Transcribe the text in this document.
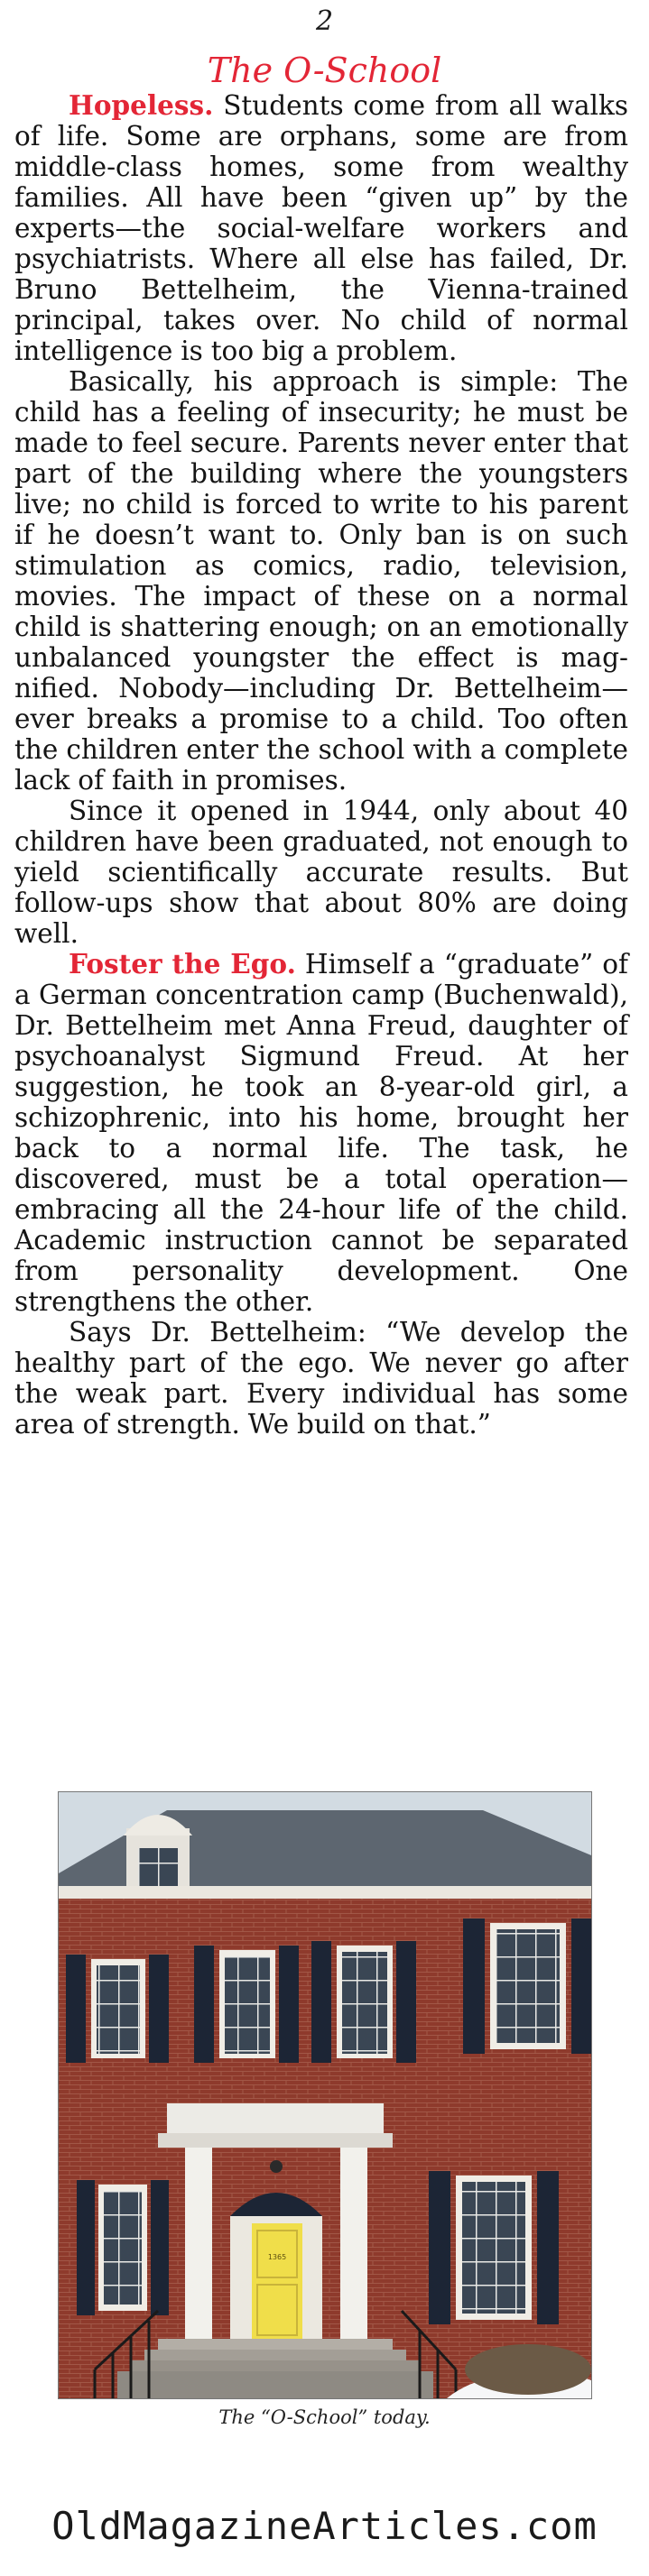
2
The O-School

Hopeless. Students come from all walks of life. Some are orphans, some are from middle-class homes, some from wealthy families. All have been “given up” by the experts—the social-welfare workers and psychiatrists. Where all else has failed, Dr. Bruno Bettelheim, the Vienna-trained principal, takes over. No child of normal intelligence is too big a problem.

Basically, his approach is simple: The child has a feeling of insecurity; he must be made to feel secure. Parents never enter that part of the building where the youngsters live; no child is forced to write to his parent if he doesn’t want to. Only ban is on such stimulation as comics, radio, television, movies. The impact of these on a normal child is shattering enough; on an emotionally unbalanced youngster the effect is magnified. Nobody—including Dr. Bettelheim—ever breaks a promise to a child. Too often the children enter the school with a complete lack of faith in promises.

Since it opened in 1944, only about 40 children have been graduated, not enough to yield scientifically accurate results. But follow-ups show that about 80% are doing well.

Foster the Ego. Himself a “graduate” of a German concentration camp (Buchenwald), Dr. Bettelheim met Anna Freud, daughter of psychoanalyst Sigmund Freud. At her suggestion, he took an 8-year-old girl, a schizophrenic, into his home, brought her back to a normal life. The task, he discovered, must be a total operation—embracing all the 24-hour life of the child. Academic instruction cannot be separated from personality development. One strengthens the other.

Says Dr. Bettelheim: “We develop the healthy part of the ego. We never go after the weak part. Every individual has some area of strength. We build on that.”

1365
The “O-School” today.
OldMagazineArticles.com
